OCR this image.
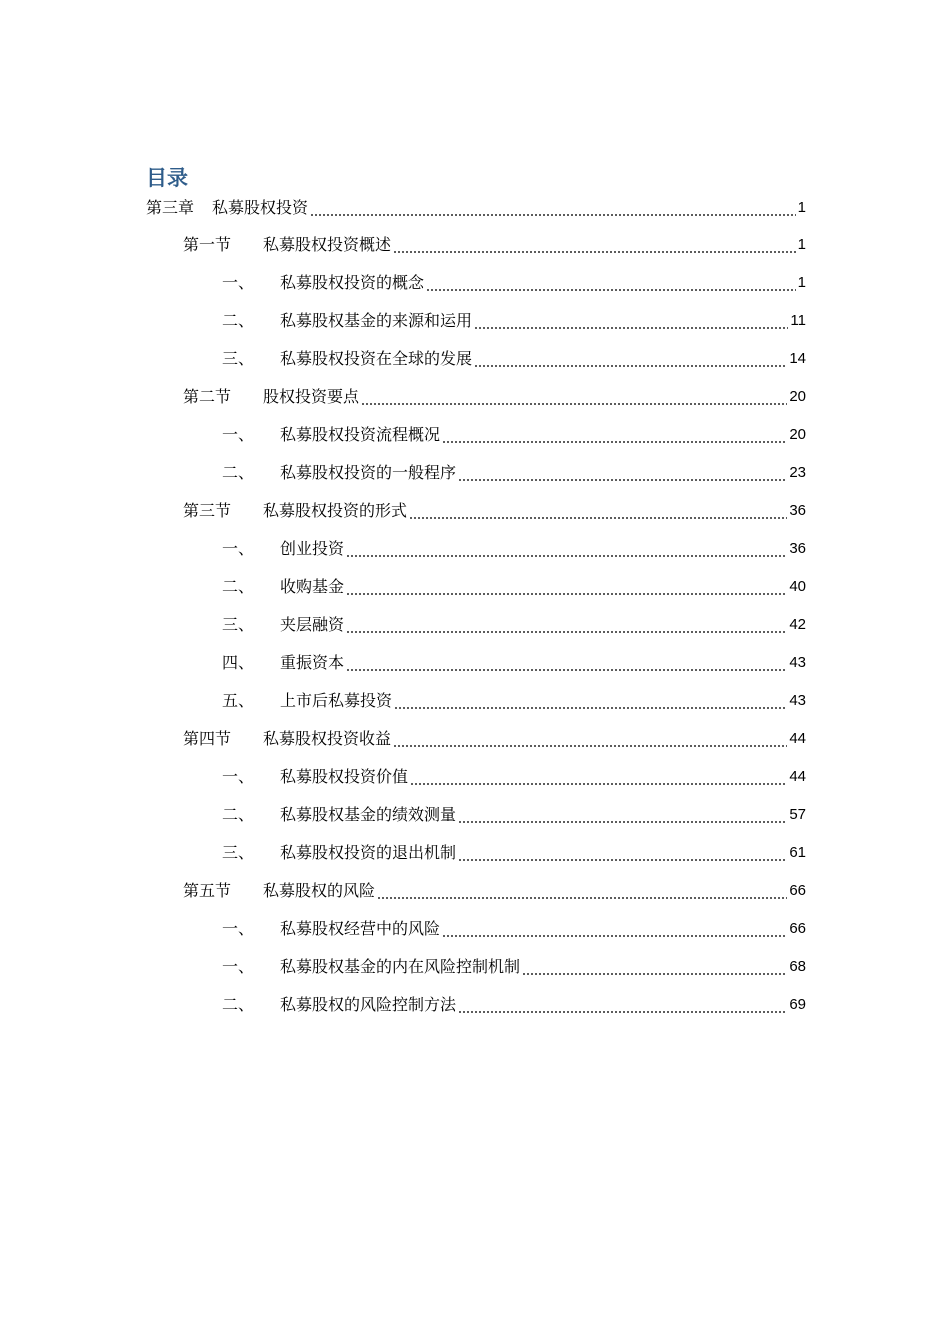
目录
第三章	私募股权投资	1
第一节	私募股权投资概述	1
一、	私募股权投资的概念	1
二、	私募股权基金的来源和运用	11
三、	私募股权投资在全球的发展	14
第二节	股权投资要点	20
一、	私募股权投资流程概况	20
二、	私募股权投资的一般程序	23
第三节	私募股权投资的形式	36
一、	创业投资	36
二、	收购基金	40
三、	夹层融资	42
四、	重振资本	43
五、	上市后私募投资	43
第四节	私募股权投资收益	44
一、	私募股权投资价值	44
二、	私募股权基金的绩效测量	57
三、	私募股权投资的退出机制	61
第五节	私募股权的风险	66
一、	私募股权经营中的风险	66
一、	私募股权基金的内在风险控制机制	68
二、	私募股权的风险控制方法	69
